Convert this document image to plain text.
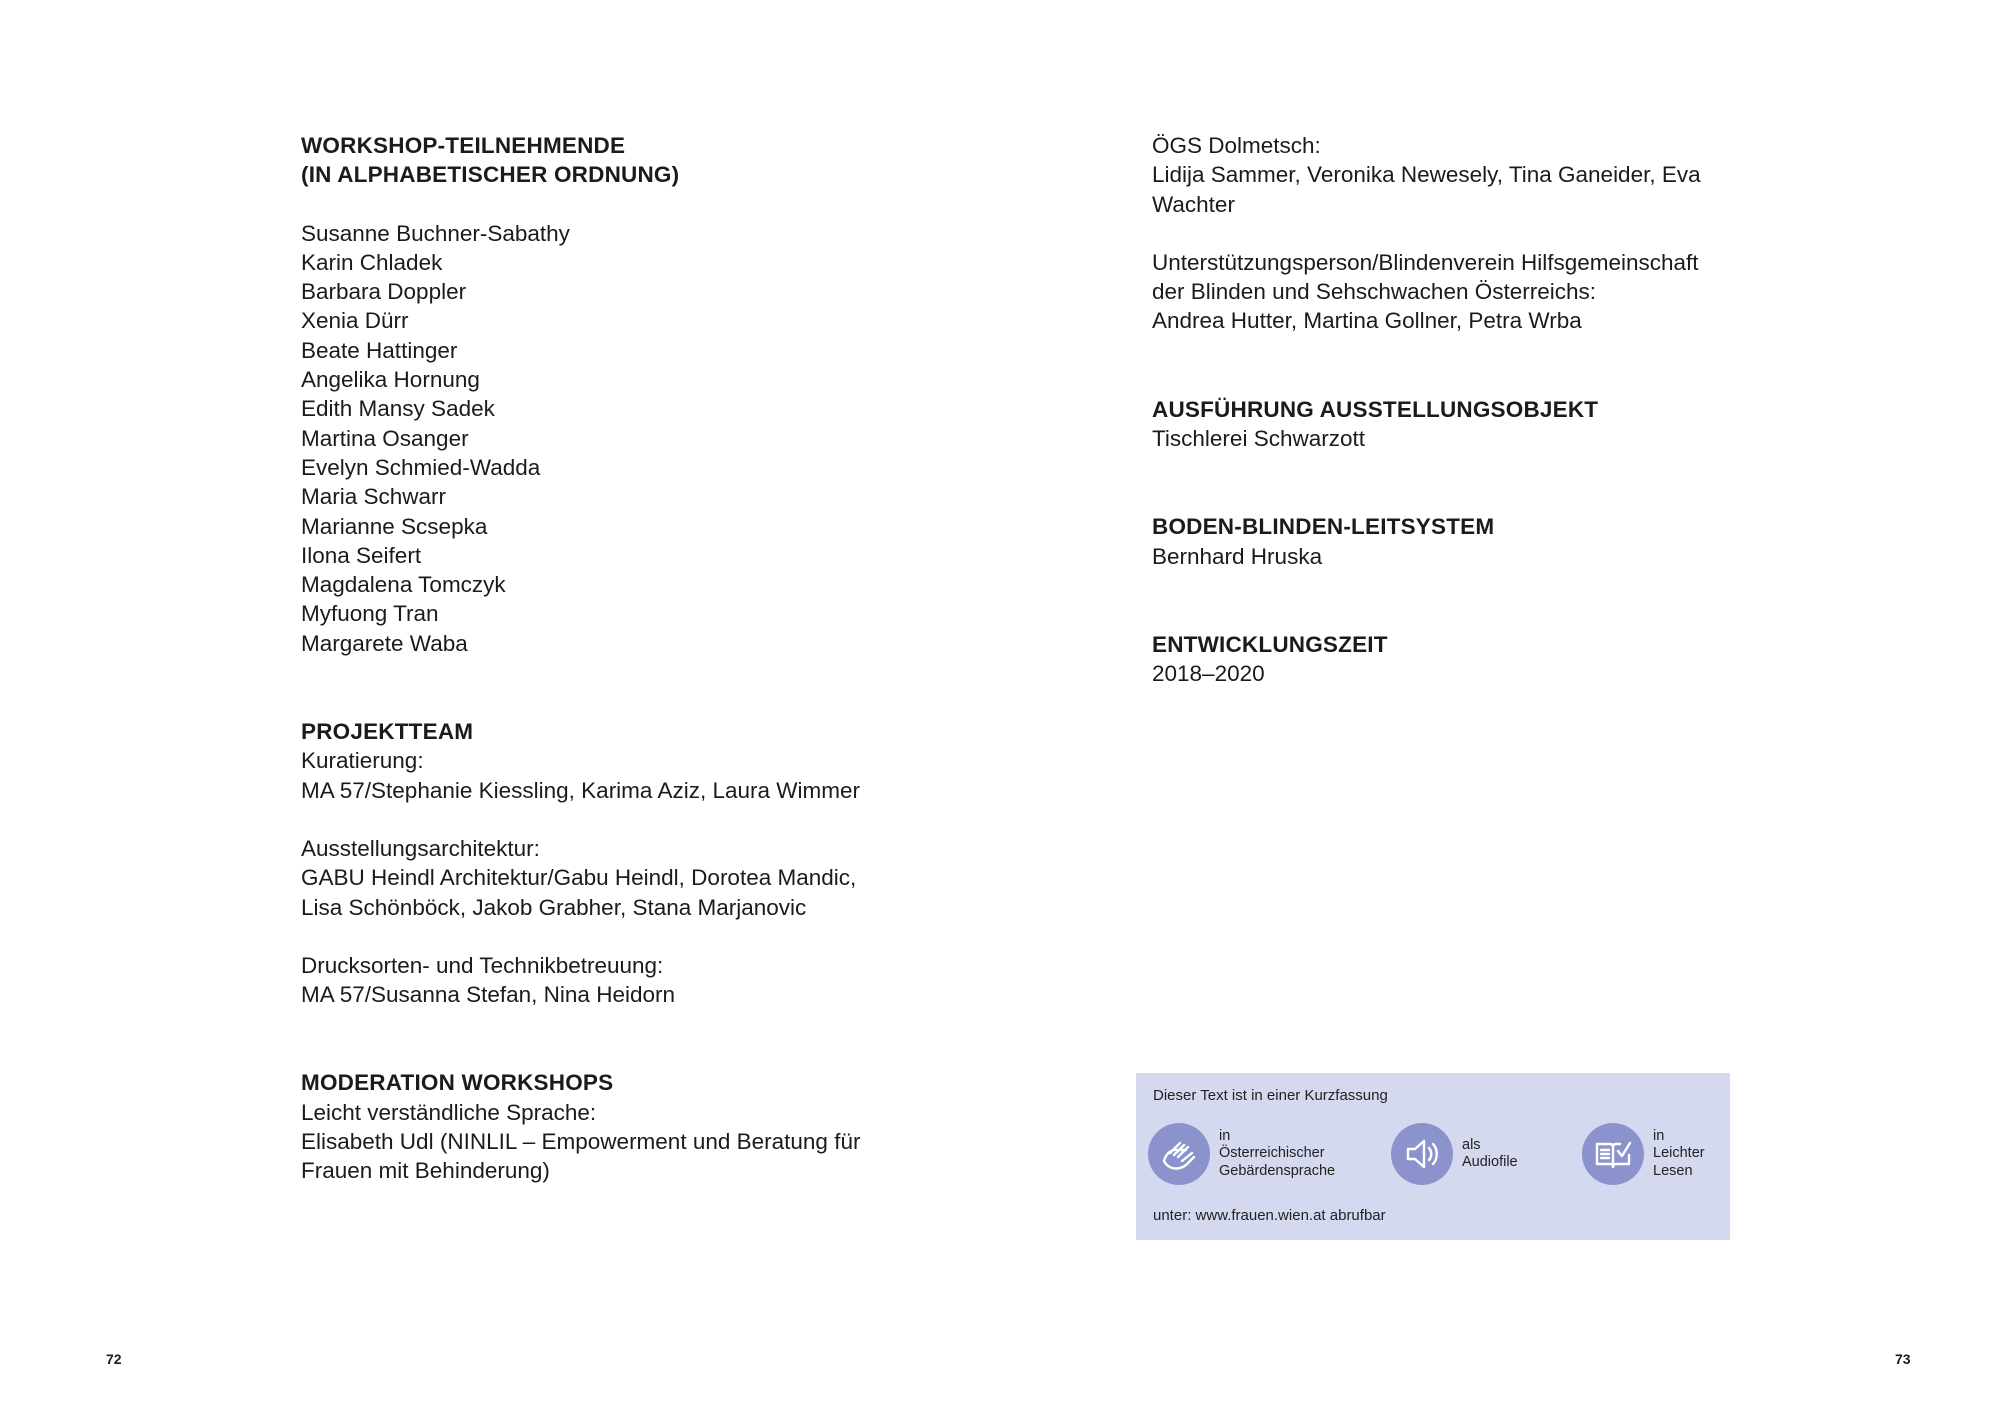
WORKSHOP-TEILNEHMENDE

(IN ALPHABETISCHER ORDNUNG)

Susanne Buchner-Sabathy

Karin Chladek

Barbara Doppler

Xenia Dürr

Beate Hattinger

Angelika Hornung

Edith Mansy Sadek

Martina Osanger

Evelyn Schmied-Wadda

Maria Schwarr

Marianne Scsepka

Ilona Seifert

Magdalena Tomczyk

Myfuong Tran

Margarete Waba

PROJEKTTEAM

Kuratierung:

MA 57/Stephanie Kiessling, Karima Aziz, Laura Wimmer

Ausstellungsarchitektur:

GABU Heindl Architektur/Gabu Heindl, Dorotea Mandic,

Lisa Schönböck, Jakob Grabher, Stana Marjanovic

Drucksorten- und Technikbetreuung:

MA 57/Susanna Stefan, Nina Heidorn

MODERATION WORKSHOPS

Leicht verständliche Sprache:

Elisabeth Udl (NINLIL – Empowerment und Beratung für

Frauen mit Behinderung)

ÖGS Dolmetsch:

Lidija Sammer, Veronika Newesely, Tina Ganeider, Eva

Wachter

Unterstützungsperson/Blindenverein Hilfsgemeinschaft

der Blinden und Sehschwachen Österreichs:

Andrea Hutter, Martina Gollner, Petra Wrba

AUSFÜHRUNG AUSSTELLUNGSOBJEKT

Tischlerei Schwarzott

BODEN-BLINDEN-LEITSYSTEM

Bernhard Hruska

ENTWICKLUNGSZEIT

2018–2020

Dieser Text ist in einer Kurzfassung
in
Österreichischer
Gebärdensprache
als
Audiofile
in
Leichter
Lesen
unter: www.frauen.wien.at abrufbar
72	73
